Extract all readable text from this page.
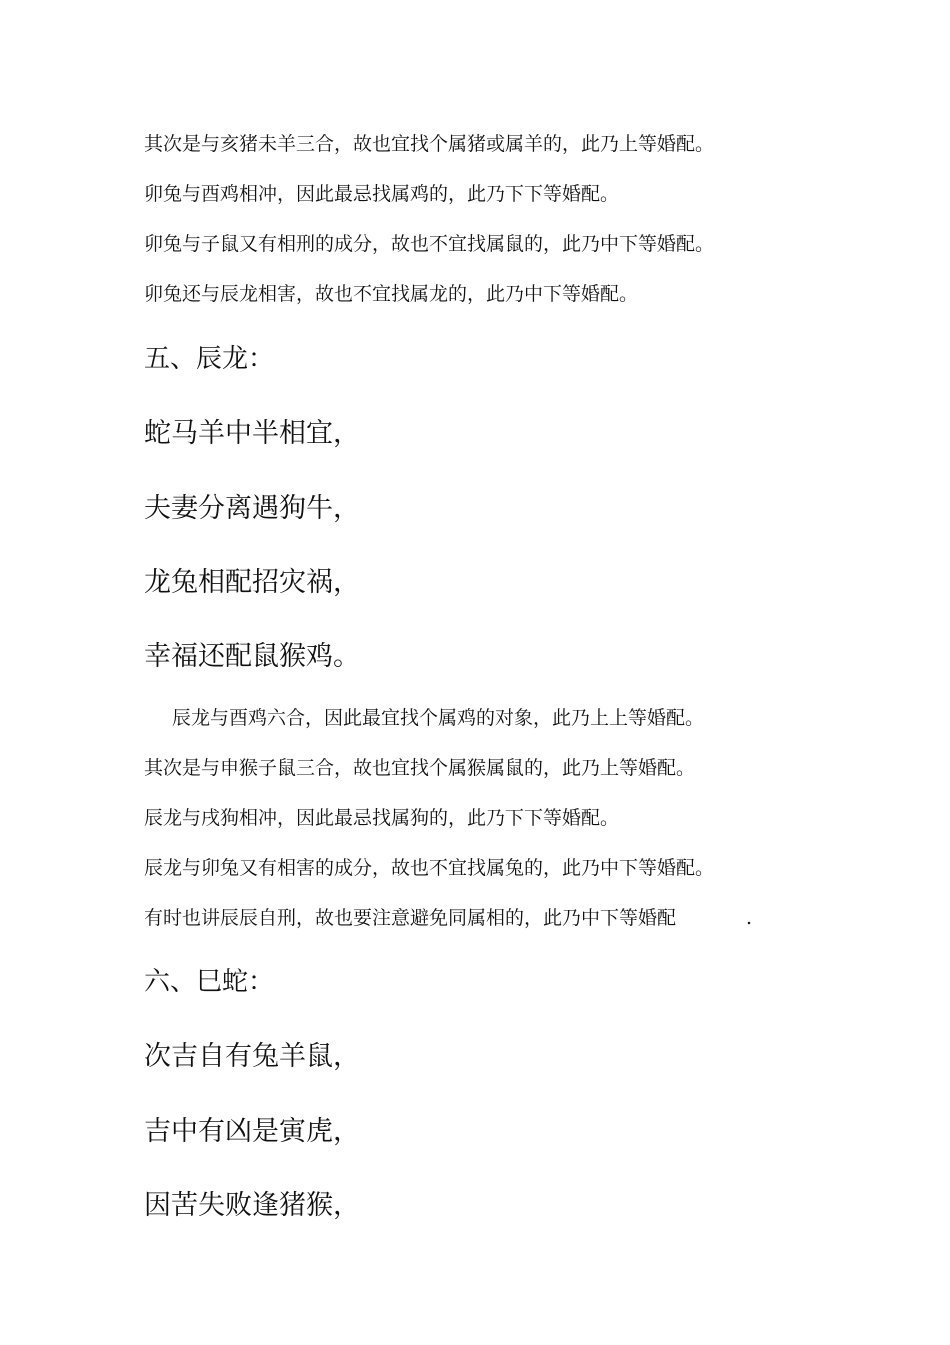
其次是与亥猪未羊三合，故也宜找个属猪或属羊的，此乃上等婚配。
卯兔与酉鸡相冲，因此最忌找属鸡的，此乃下下等婚配。
卯兔与子鼠又有相刑的成分，故也不宜找属鼠的，此乃中下等婚配。
卯兔还与辰龙相害，故也不宜找属龙的，此乃中下等婚配。
五、辰龙：
蛇马羊中半相宜，
夫妻分离遇狗牛，
龙兔相配招灾祸，
幸福还配鼠猴鸡。
辰龙与酉鸡六合，因此最宜找个属鸡的对象，此乃上上等婚配。
其次是与申猴子鼠三合，故也宜找个属猴属鼠的，此乃上等婚配。
辰龙与戌狗相冲，因此最忌找属狗的，此乃下下等婚配。
辰龙与卯兔又有相害的成分，故也不宜找属兔的，此乃中下等婚配。
有时也讲辰辰自刑，故也要注意避免同属相的，此乃中下等婚配	.
六、巳蛇：
次吉自有兔羊鼠，
吉中有凶是寅虎，
因苦失败逢猪猴，
